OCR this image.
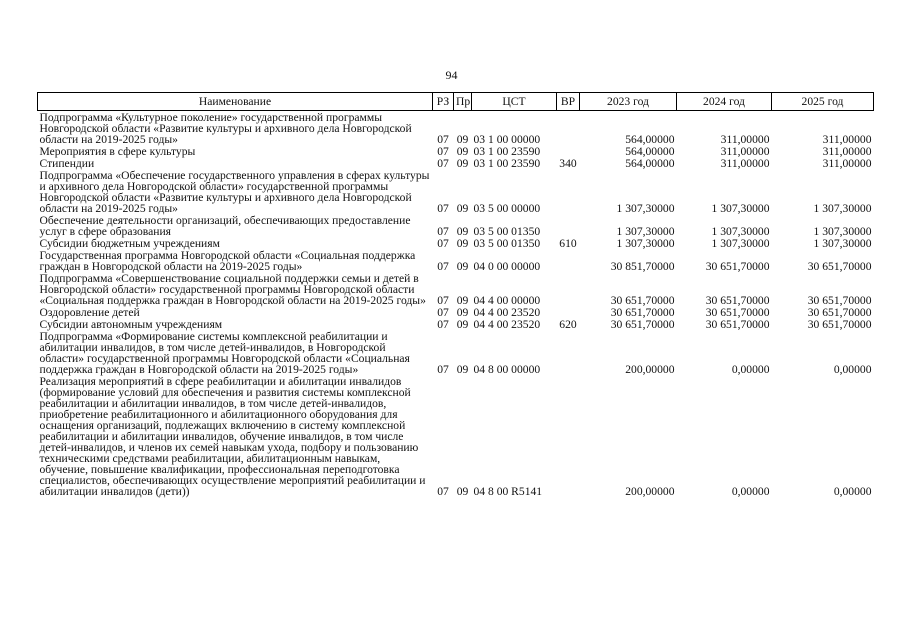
94
Наименование	РЗ	Пр	ЦСТ	ВР	2023 год	2024 год	2025 год
Подпрограмма «Культурное поколение» государственной программы Новгородской области «Развитие культуры и архивного дела Новгородской области на 2019-2025 годы»	07	09	03 1 00 00000		564,00000	311,00000	311,00000
Мероприятия в сфере культуры	07	09	03 1 00 23590		564,00000	311,00000	311,00000
Стипендии	07	09	03 1 00 23590	340	564,00000	311,00000	311,00000
Подпрограмма «Обеспечение государственного управления в сферах культуры и архивного дела Новгородской области» государственной программы Новгородской области «Развитие культуры и архивного дела Новгородской области на 2019-2025 годы»	07	09	03 5 00 00000		1 307,30000	1 307,30000	1 307,30000
Обеспечение деятельности организаций, обеспечивающих предоставление услуг в сфере образования	07	09	03 5 00 01350		1 307,30000	1 307,30000	1 307,30000
Субсидии бюджетным учреждениям	07	09	03 5 00 01350	610	1 307,30000	1 307,30000	1 307,30000
Государственная программа Новгородской области «Социальная поддержка граждан в Новгородской области на 2019-2025 годы»	07	09	04 0 00 00000		30 851,70000	30 651,70000	30 651,70000
Подпрограмма «Совершенствование социальной поддержки семьи и детей в Новгородской области» государственной программы Новгородской области «Социальная поддержка граждан в Новгородской области на 2019-2025 годы»	07	09	04 4 00 00000		30 651,70000	30 651,70000	30 651,70000
Оздоровление детей	07	09	04 4 00 23520		30 651,70000	30 651,70000	30 651,70000
Субсидии автономным учреждениям	07	09	04 4 00 23520	620	30 651,70000	30 651,70000	30 651,70000
Подпрограмма «Формирование системы комплексной реабилитации и абилитации инвалидов, в том числе детей-инвалидов, в Новгородской области» государственной программы Новгородской области «Социальная поддержка граждан в Новгородской области на 2019-2025 годы»	07	09	04 8 00 00000		200,00000	0,00000	0,00000
Реализация мероприятий в сфере реабилитации и абилитации инвалидов (формирование условий для обеспечения и развития системы комплексной реабилитации и абилитации инвалидов, в том числе детей-инвалидов, приобретение реабилитационного и абилитационного оборудования для оснащения организаций, подлежащих включению в систему комплексной реабилитации и абилитации инвалидов, обучение инвалидов, в том числе детей-инвалидов, и членов их семей навыкам ухода, подбору и пользованию техническими средствами реабилитации, абилитационным навыкам, обучение, повышение квалификации, профессиональная переподготовка специалистов, обеспечивающих осуществление мероприятий реабилитации и абилитации инвалидов (дети))	07	09	04 8 00 R5141		200,00000	0,00000	0,00000
